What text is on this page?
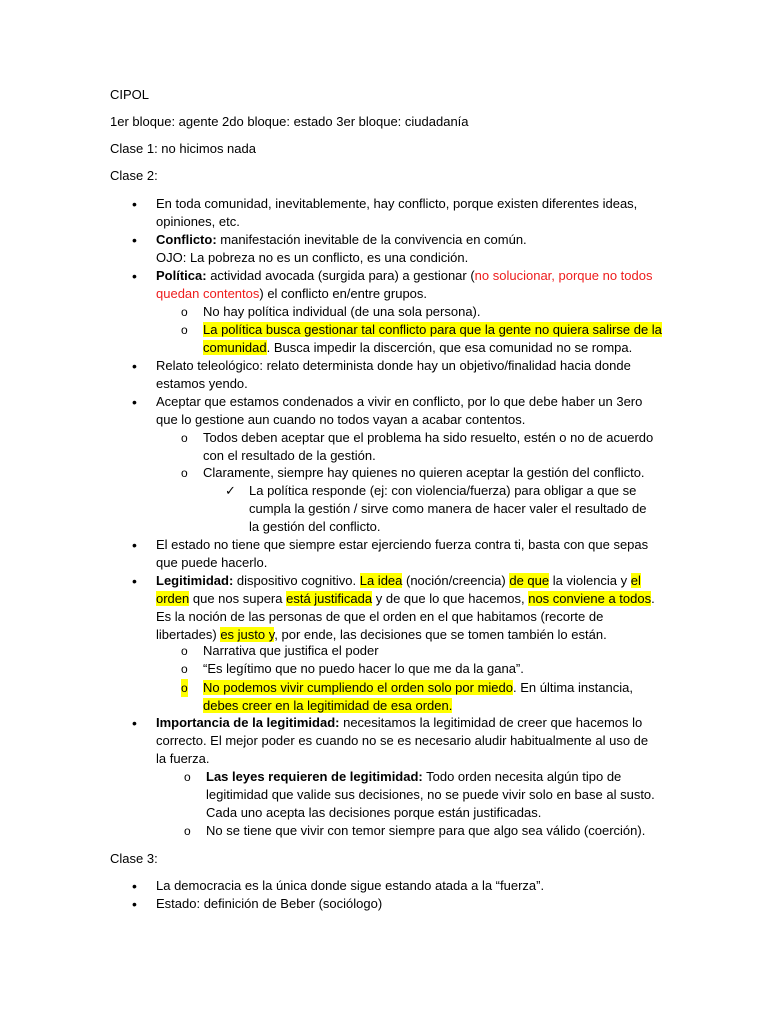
CIPOL
1er bloque: agente 2do bloque: estado 3er bloque: ciudadanía
Clase 1: no hicimos nada
Clase 2:
• En toda comunidad, inevitablemente, hay conflicto, porque existen diferentes ideas,
opiniones, etc.
• Conflicto: manifestación inevitable de la convivencia en común.
OJO: La pobreza no es un conflicto, es una condición.
• Política: actividad avocada (surgida para) a gestionar (no solucionar, porque no todos
quedan contentos) el conflicto en/entre grupos.
o No hay política individual (de una sola persona).
o La política busca gestionar tal conflicto para que la gente no quiera salirse de la
comunidad. Busca impedir la discerción, que esa comunidad no se rompa.
• Relato teleológico: relato determinista donde hay un objetivo/finalidad hacia donde
estamos yendo.
• Aceptar que estamos condenados a vivir en conflicto, por lo que debe haber un 3ero
que lo gestione aun cuando no todos vayan a acabar contentos.
o Todos deben aceptar que el problema ha sido resuelto, estén o no de acuerdo
con el resultado de la gestión.
o Claramente, siempre hay quienes no quieren aceptar la gestión del conflicto.
✓ La política responde (ej: con violencia/fuerza) para obligar a que se
cumpla la gestión / sirve como manera de hacer valer el resultado de
la gestión del conflicto.
• El estado no tiene que siempre estar ejerciendo fuerza contra ti, basta con que sepas
que puede hacerlo.
• Legitimidad: dispositivo cognitivo. La idea (noción/creencia) de que la violencia y el
orden que nos supera está justificada y de que lo que hacemos, nos conviene a todos.
Es la noción de las personas de que el orden en el que habitamos (recorte de
libertades) es justo y, por ende, las decisiones que se tomen también lo están.
o Narrativa que justifica el poder
o “Es legítimo que no puedo hacer lo que me da la gana”.
o No podemos vivir cumpliendo el orden solo por miedo. En última instancia,
debes creer en la legitimidad de esa orden.
• Importancia de la legitimidad: necesitamos la legitimidad de creer que hacemos lo
correcto. El mejor poder es cuando no se es necesario aludir habitualmente al uso de
la fuerza.
o Las leyes requieren de legitimidad: Todo orden necesita algún tipo de
legitimidad que valide sus decisiones, no se puede vivir solo en base al susto.
Cada uno acepta las decisiones porque están justificadas.
o No se tiene que vivir con temor siempre para que algo sea válido (coerción).
Clase 3:
• La democracia es la única donde sigue estando atada a la “fuerza”.
• Estado: definición de Beber (sociólogo)
